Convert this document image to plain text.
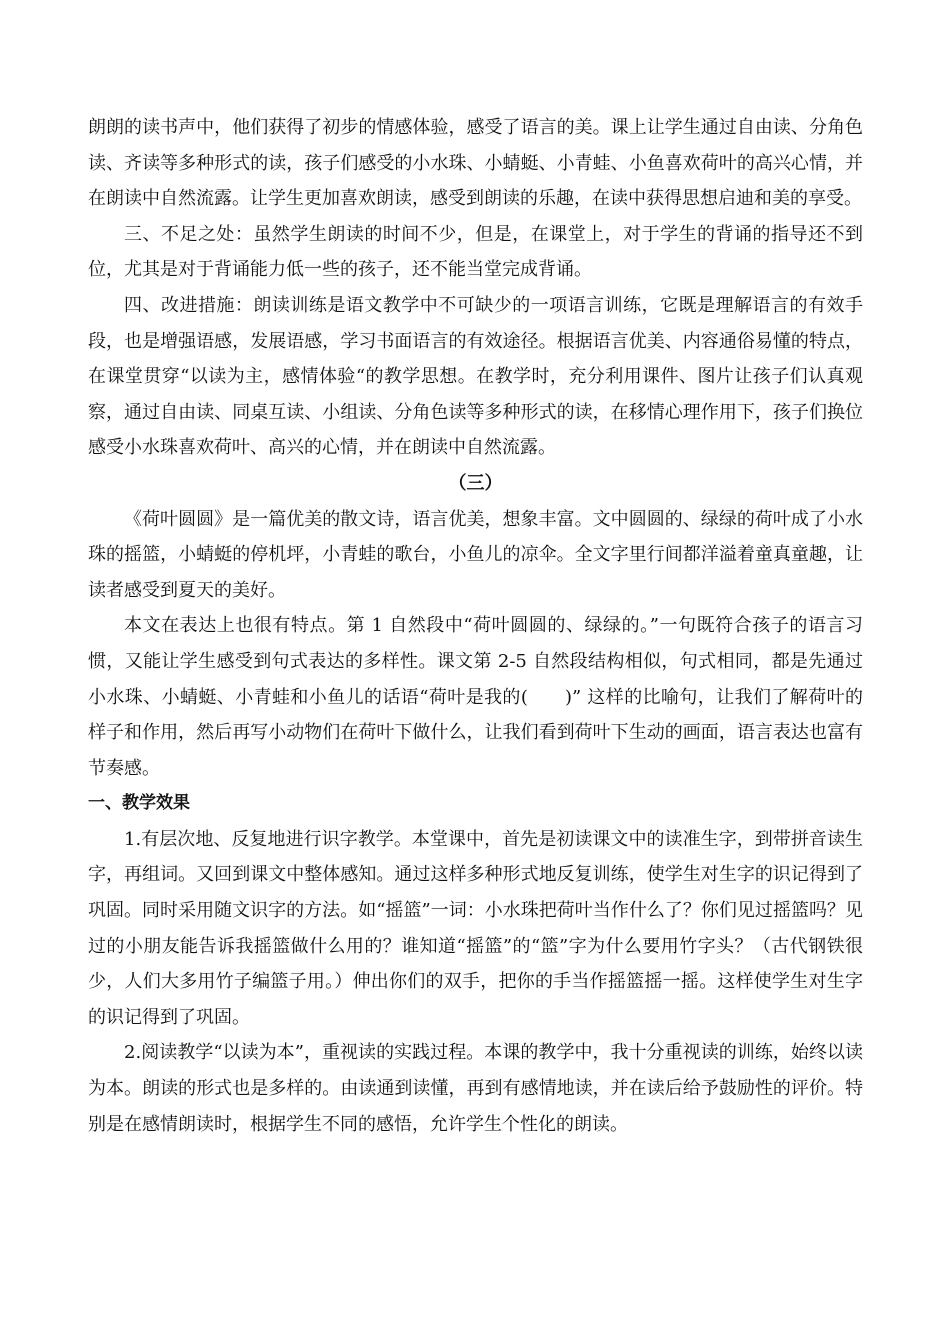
朗朗的读书声中，他们获得了初步的情感体验，感受了语言的美。课上让学生通过自由读、分角色读、齐读等多种形式的读，孩子们感受的小水珠、小蜻蜓、小青蛙、小鱼喜欢荷叶的高兴心情，并在朗读中自然流露。让学生更加喜欢朗读，感受到朗读的乐趣，在读中获得思想启迪和美的享受。

三、不足之处：虽然学生朗读的时间不少，但是，在课堂上，对于学生的背诵的指导还不到位，尤其是对于背诵能力低一些的孩子，还不能当堂完成背诵。

四、改进措施：朗读训练是语文教学中不可缺少的一项语言训练，它既是理解语言的有效手段，也是增强语感，发展语感，学习书面语言的有效途径。根据语言优美、内容通俗易懂的特点，在课堂贯穿“以读为主，感情体验“的教学思想。在教学时，充分利用课件、图片让孩子们认真观察，通过自由读、同桌互读、小组读、分角色读等多种形式的读，在移情心理作用下，孩子们换位感受小水珠喜欢荷叶、高兴的心情，并在朗读中自然流露。

（三）

《荷叶圆圆》是一篇优美的散文诗，语言优美，想象丰富。文中圆圆的、绿绿的荷叶成了小水珠的摇篮，小蜻蜓的停机坪，小青蛙的歌台，小鱼儿的凉伞。全文字里行间都洋溢着童真童趣，让读者感受到夏天的美好。

本文在表达上也很有特点。第 1 自然段中“荷叶圆圆的、绿绿的。”一句既符合孩子的语言习惯，又能让学生感受到句式表达的多样性。课文第 2-5 自然段结构相似，句式相同，都是先通过小水珠、小蜻蜓、小青蛙和小鱼儿的话语“荷叶是我的(　　)” 这样的比喻句，让我们了解荷叶的样子和作用，然后再写小动物们在荷叶下做什么，让我们看到荷叶下生动的画面，语言表达也富有节奏感。

一、教学效果

1.有层次地、反复地进行识字教学。本堂课中，首先是初读课文中的读准生字，到带拼音读生字，再组词。又回到课文中整体感知。通过这样多种形式地反复训练，使学生对生字的识记得到了巩固。同时采用随文识字的方法。如“摇篮”一词：小水珠把荷叶当作什么了？你们见过摇篮吗？见过的小朋友能告诉我摇篮做什么用的？谁知道“摇篮”的“篮”字为什么要用竹字头？（古代钢铁很少，人们大多用竹子编篮子用。）伸出你们的双手，把你的手当作摇篮摇一摇。这样使学生对生字的识记得到了巩固。

2.阅读教学“以读为本”，重视读的实践过程。本课的教学中，我十分重视读的训练，始终以读为本。朗读的形式也是多样的。由读通到读懂，再到有感情地读，并在读后给予鼓励性的评价。特别是在感情朗读时，根据学生不同的感悟，允许学生个性化的朗读。
